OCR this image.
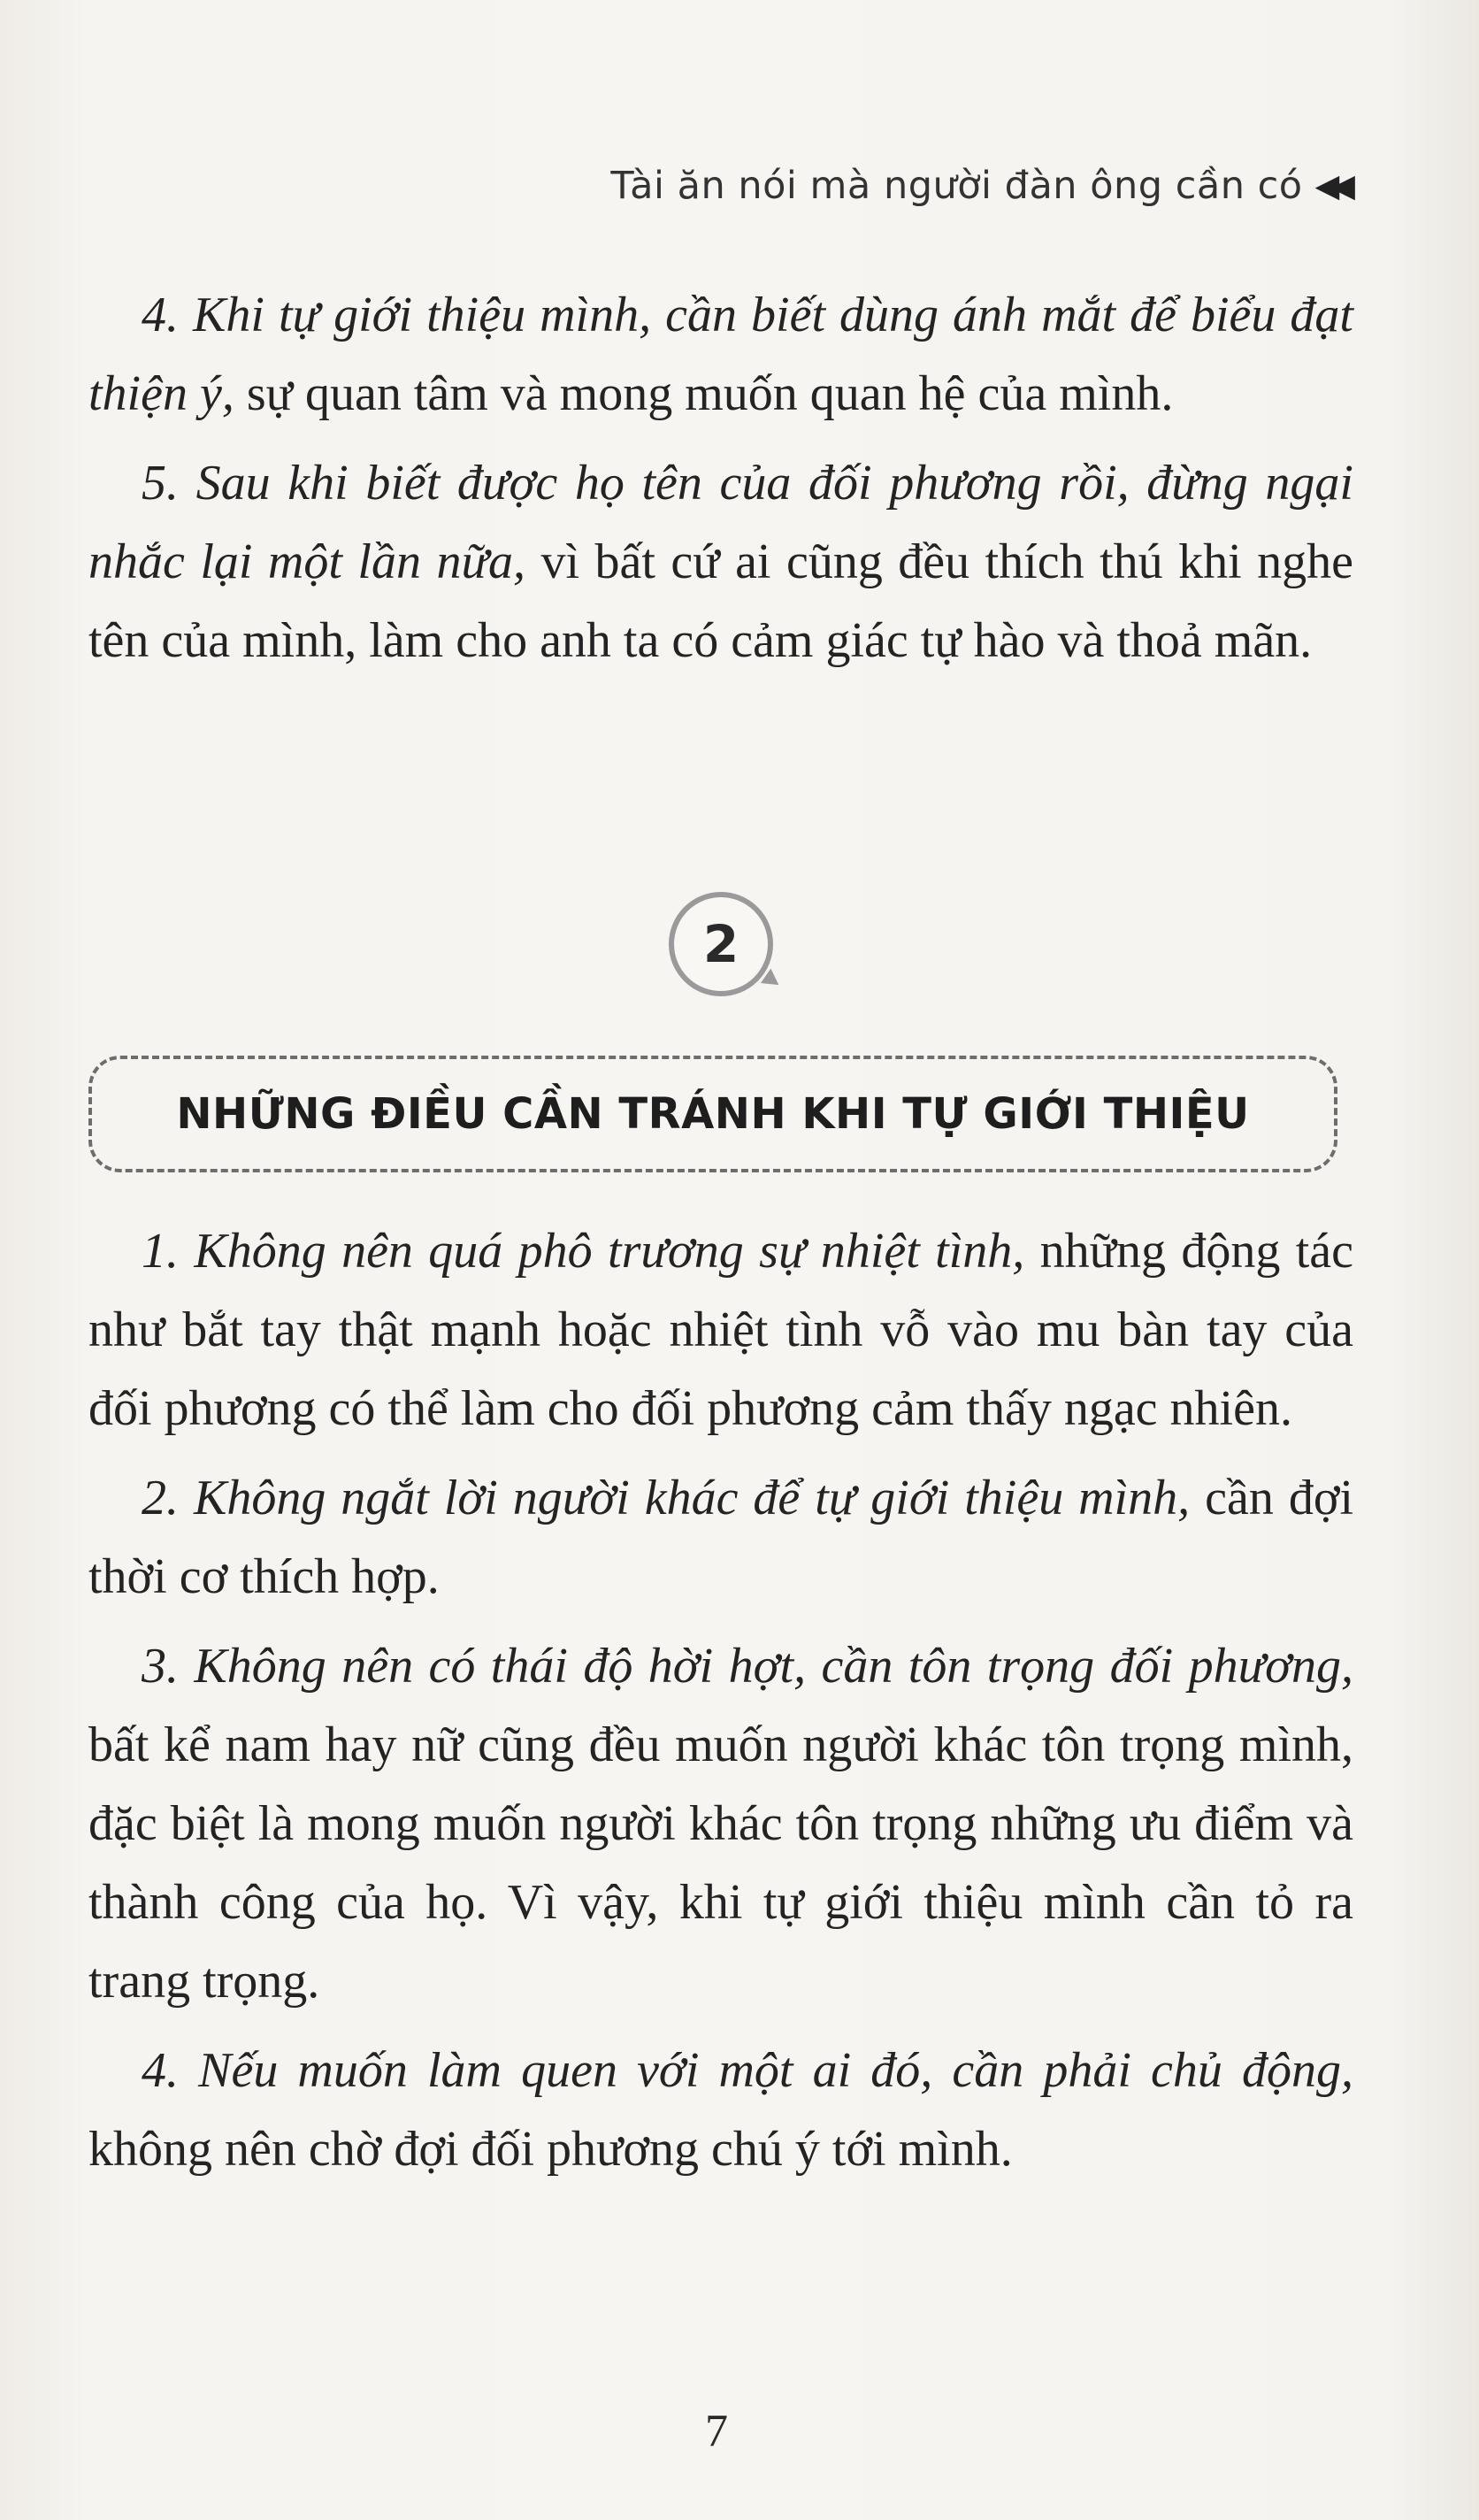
Tài ăn nói mà người đàn ông cần có ◀◀

4. Khi tự giới thiệu mình, cần biết dùng ánh mắt để biểu đạt thiện ý, sự quan tâm và mong muốn quan hệ của mình.

5. Sau khi biết được họ tên của đối phương rồi, đừng ngại nhắc lại một lần nữa, vì bất cứ ai cũng đều thích thú khi nghe tên của mình, làm cho anh ta có cảm giác tự hào và thoả mãn.

2
NHỮNG ĐIỀU CẦN TRÁNH KHI TỰ GIỚI THIỆU

1. Không nên quá phô trương sự nhiệt tình, những động tác như bắt tay thật mạnh hoặc nhiệt tình vỗ vào mu bàn tay của đối phương có thể làm cho đối phương cảm thấy ngạc nhiên.

2. Không ngắt lời người khác để tự giới thiệu mình, cần đợi thời cơ thích hợp.

3. Không nên có thái độ hời hợt, cần tôn trọng đối phương, bất kể nam hay nữ cũng đều muốn người khác tôn trọng mình, đặc biệt là mong muốn người khác tôn trọng những ưu điểm và thành công của họ. Vì vậy, khi tự giới thiệu mình cần tỏ ra trang trọng.

4. Nếu muốn làm quen với một ai đó, cần phải chủ động, không nên chờ đợi đối phương chú ý tới mình.

7
